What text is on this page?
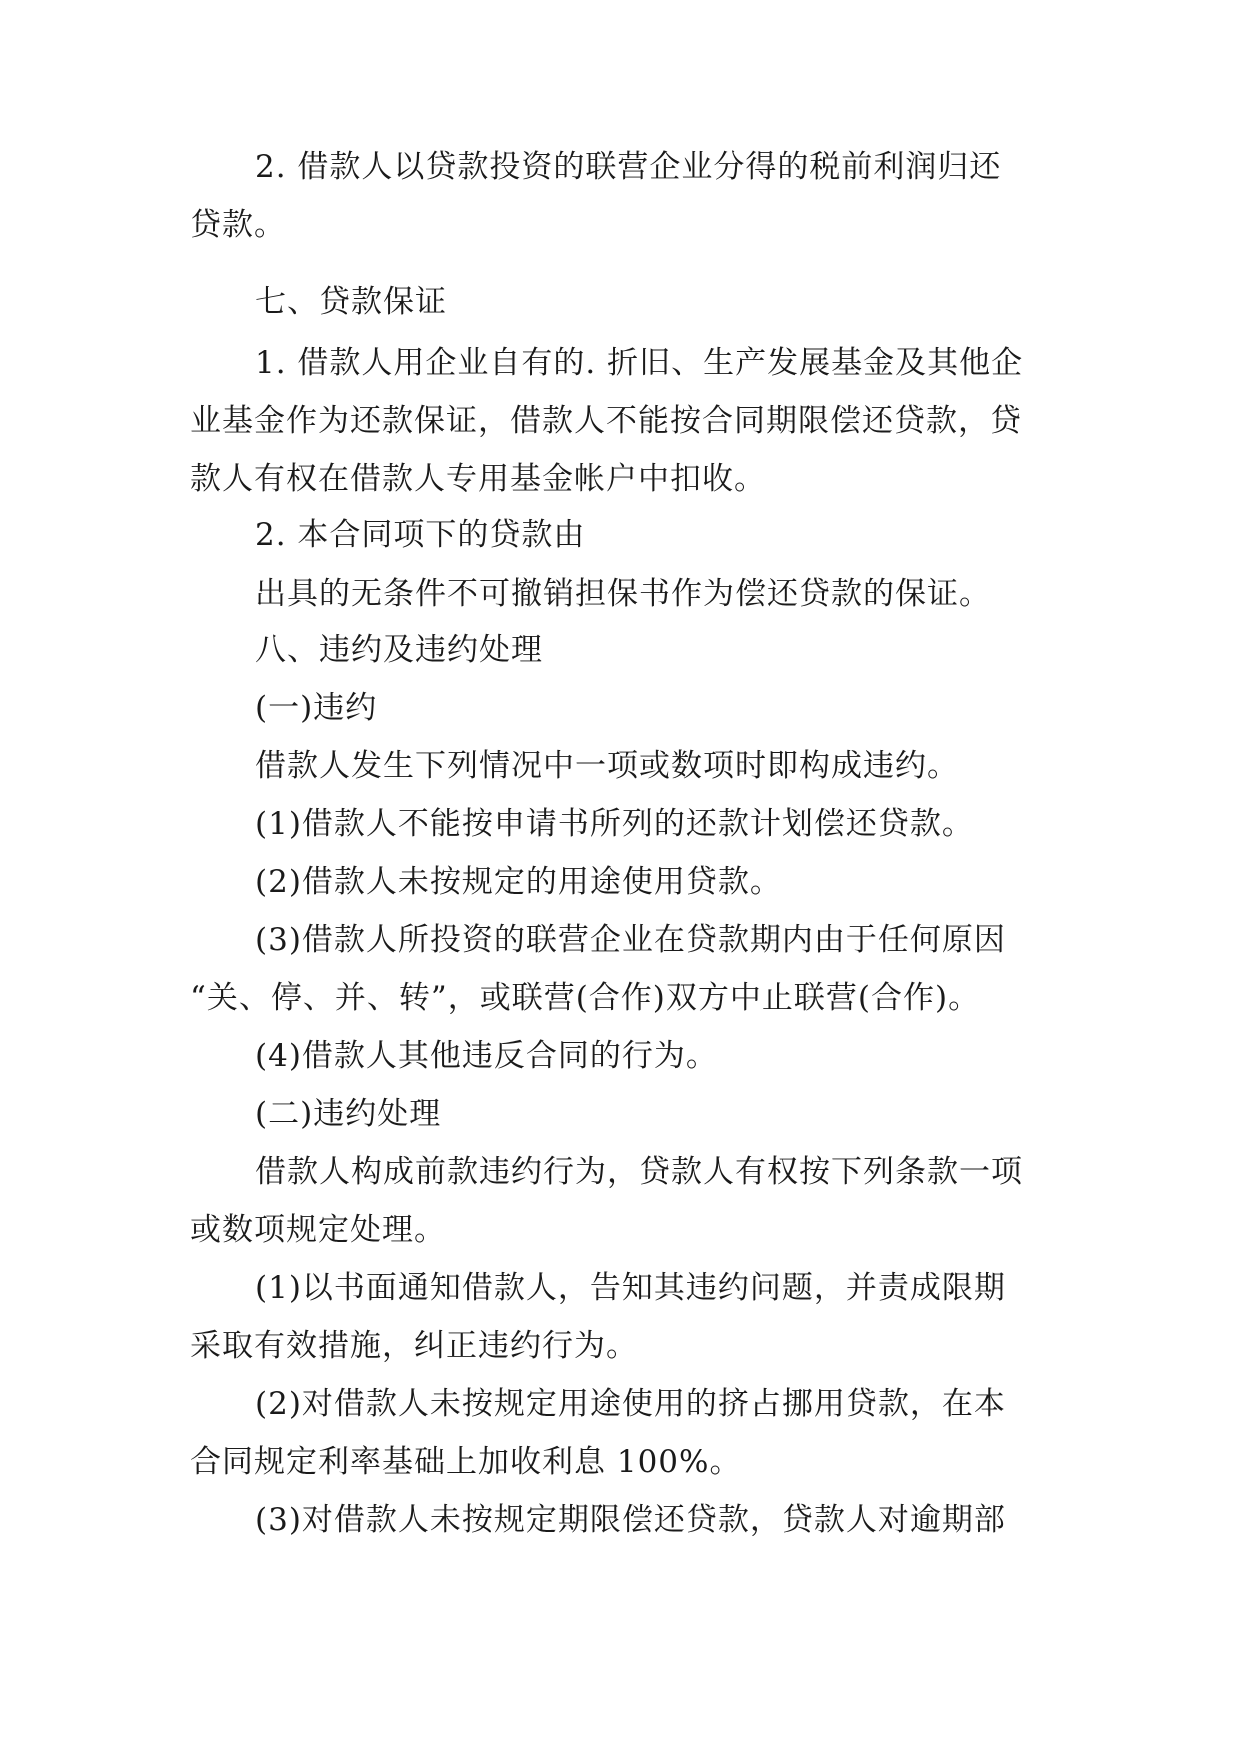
2. 借款人以贷款投资的联营企业分得的税前利润归还
贷款。
七、贷款保证
1. 借款人用企业自有的. 折旧、生产发展基金及其他企
业基金作为还款保证，借款人不能按合同期限偿还贷款，贷
款人有权在借款人专用基金帐户中扣收。
2. 本合同项下的贷款由
出具的无条件不可撤销担保书作为偿还贷款的保证。
八、违约及违约处理
(一)违约
借款人发生下列情况中一项或数项时即构成违约。
(1)借款人不能按申请书所列的还款计划偿还贷款。
(2)借款人未按规定的用途使用贷款。
(3)借款人所投资的联营企业在贷款期内由于任何原因
“关、停、并、转”，或联营(合作)双方中止联营(合作)。
(4)借款人其他违反合同的行为。
(二)违约处理
借款人构成前款违约行为，贷款人有权按下列条款一项
或数项规定处理。
(1)以书面通知借款人，告知其违约问题，并责成限期
采取有效措施，纠正违约行为。
(2)对借款人未按规定用途使用的挤占挪用贷款，在本
合同规定利率基础上加收利息 100%。
(3)对借款人未按规定期限偿还贷款，贷款人对逾期部
